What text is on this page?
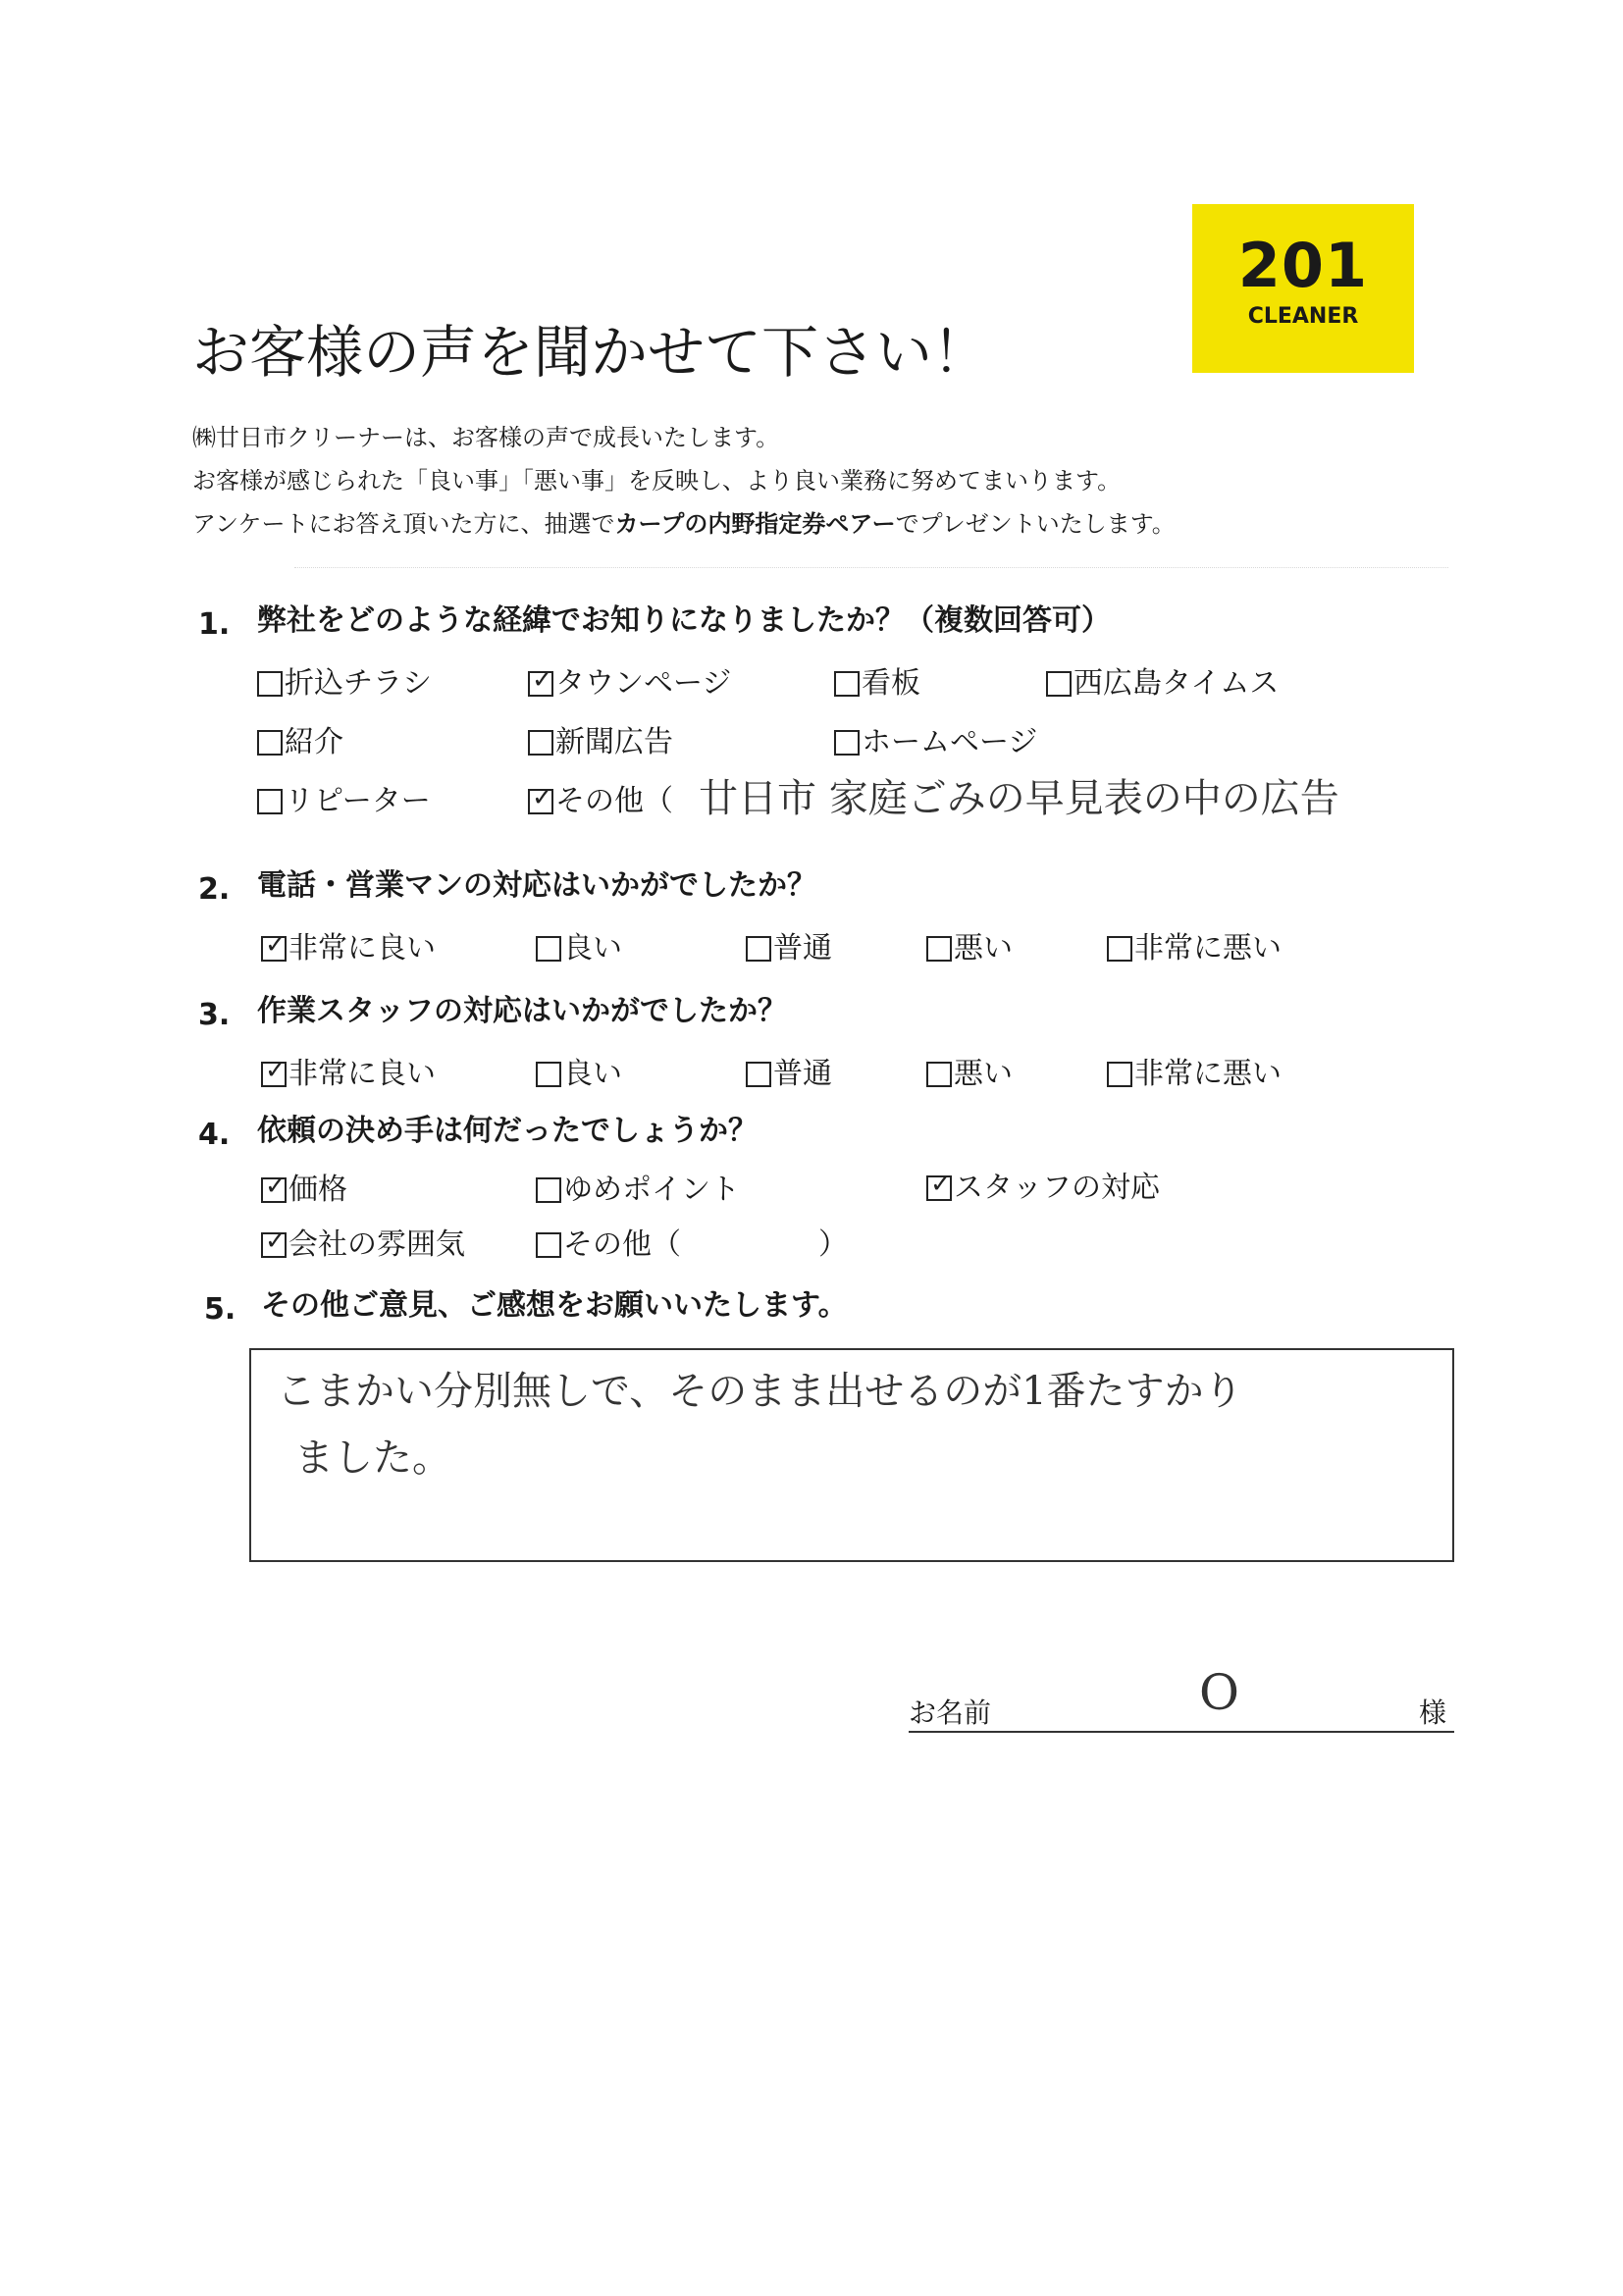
201
CLEANER
お客様の声を聞かせて下さい！
㈱廿日市クリーナーは、お客様の声で成長いたします。
お客様が感じられた「良い事」「悪い事」を反映し、より良い業務に努めてまいります。
アンケートにお答え頂いた方に、抽選でカープの内野指定券ペアーでプレゼントいたします。
1. 弊社をどのような経緯でお知りになりましたか？（複数回答可）
折込チラシ	✓ タウンページ	看板	西広島タイムス
紹介	新聞広告	ホームページ
リピーター	✓ その他（ 廿日市 家庭ごみの早見表の中の広告
2. 電話・営業マンの対応はいかがでしたか？
✓ 非常に良い	良い	普通	悪い	非常に悪い
3. 作業スタッフの対応はいかがでしたか？
✓ 非常に良い	良い	普通	悪い	非常に悪い
4. 依頼の決め手は何だったでしょうか？
✓ 価格	ゆめポイント	✓ スタッフの対応
✓ 会社の雰囲気	その他（	）
5. その他ご意見、ご感想をお願いいたします。
こまかい分別無しで、そのまま出せるのが1番たすかり
ました。
お名前	O	様
